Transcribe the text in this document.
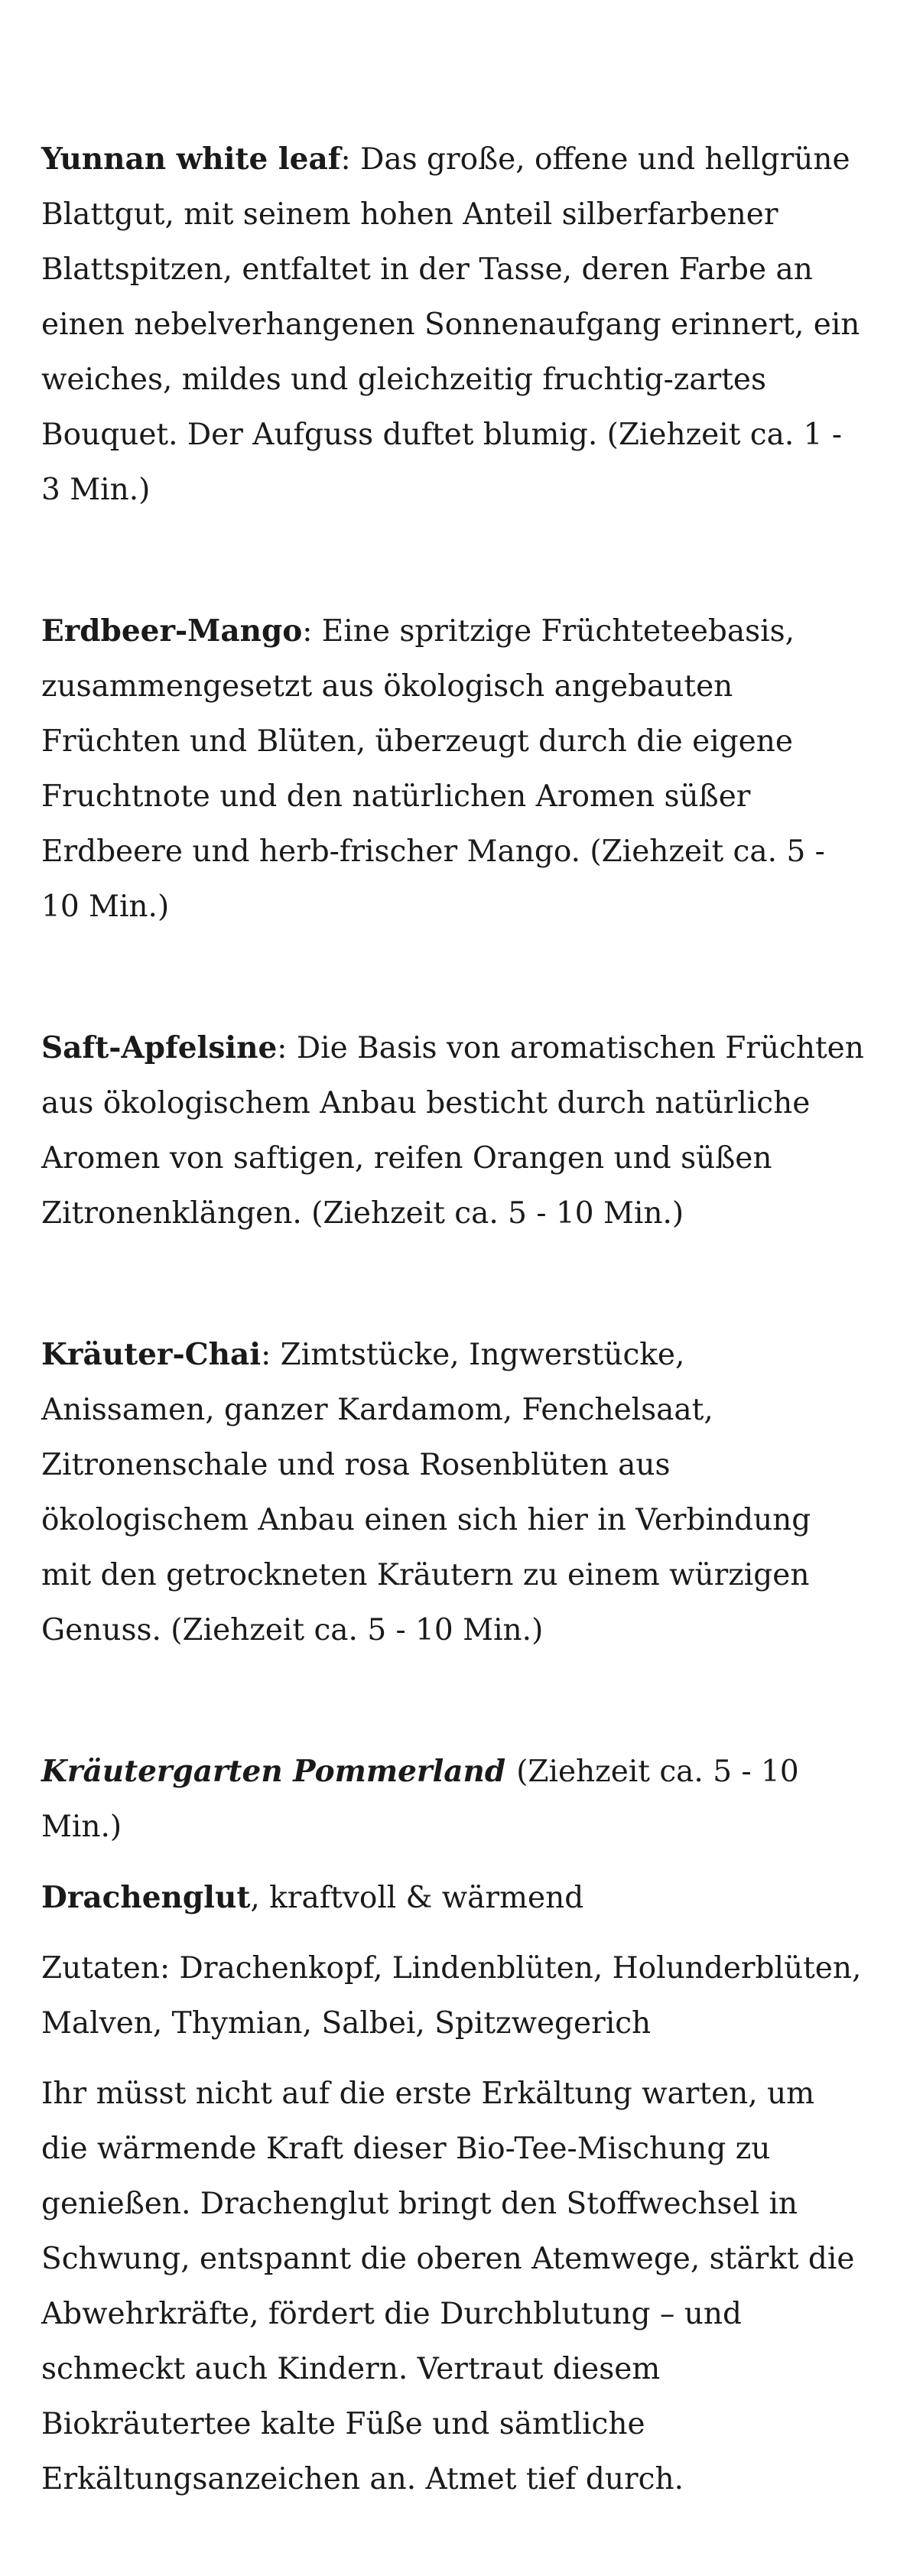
Yunnan white leaf: Das große, offene und hellgrüne Blattgut, mit seinem hohen Anteil silberfarbener Blattspitzen, entfaltet in der Tasse, deren Farbe an einen nebelverhangenen Sonnenaufgang erinnert, ein weiches, mildes und gleichzeitig fruchtig-zartes Bouquet. Der Aufguss duftet blumig. (Ziehzeit ca. 1 - 3 Min.)

Erdbeer-Mango: Eine spritzige Früchteteebasis, zusammengesetzt aus ökologisch angebauten Früchten und Blüten, überzeugt durch die eigene Fruchtnote und den natürlichen Aromen süßer Erdbeere und herb-frischer Mango. (Ziehzeit ca. 5 - 10 Min.)

Saft-Apfelsine: Die Basis von aromatischen Früchten aus ökologischem Anbau besticht durch natürliche Aromen von saftigen, reifen Orangen und süßen Zitronenklängen. (Ziehzeit ca. 5 - 10 Min.)

Kräuter-Chai: Zimtstücke, Ingwerstücke, Anissamen, ganzer Kardamom, Fenchelsaat, Zitronenschale und rosa Rosenblüten aus ökologischem Anbau einen sich hier in Verbindung mit den getrockneten Kräutern zu einem würzigen Genuss. (Ziehzeit ca. 5 - 10 Min.)

Kräutergarten Pommerland (Ziehzeit ca. 5 - 10 Min.)

Drachenglut, kraftvoll & wärmend

Zutaten: Drachenkopf, Lindenblüten, Holunderblüten, Malven, Thymian, Salbei, Spitzwegerich

Ihr müsst nicht auf die erste Erkältung warten, um die wärmende Kraft dieser Bio-Tee-Mischung zu genießen. Drachenglut bringt den Stoffwechsel in Schwung, entspannt die oberen Atemwege, stärkt die Abwehrkräfte, fördert die Durchblutung – und schmeckt auch Kindern. Vertraut diesem Biokräutertee kalte Füße und sämtliche Erkältungsanzeichen an. Atmet tief durch.
